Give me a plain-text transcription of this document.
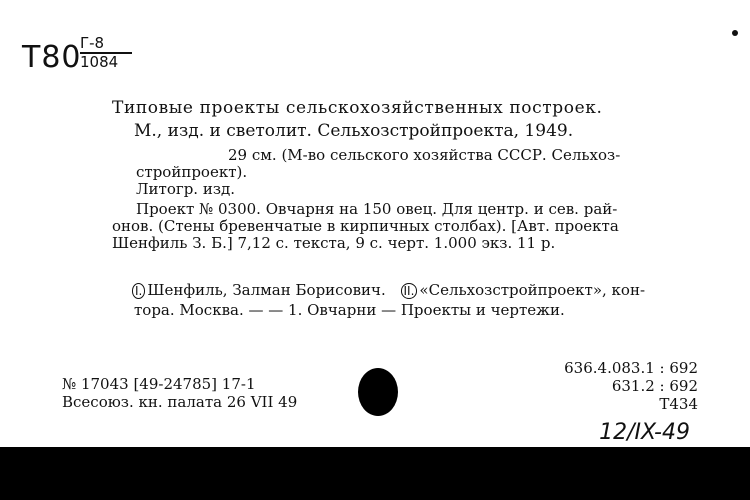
Т80
Г-8
1084
Типовые проекты сельскохозяйственных построек.
М., изд. и светолит. Сельхозстройпроекта, 1949.
29 см. (М-во сельского хозяйства СССР. Сельхоз-
стройпроект).
Литогр. изд.
Проект № 0300. Овчарня на 150 овец. Для центр. и сев. рай-
онов. (Стены бревенчатые в кирпичных столбах). [Авт. проекта
Шенфиль З. Б.] 7,12 с. текста, 9 с. черт. 1.000 экз. 11 р.
I. Шенфиль, Залман Борисович. II. «Сельхозстройпроект», кон-
тора. Москва. — — 1. Овчарни — Проекты и чертежи.
№ 17043 [49-24785] 17-1
Всесоюз. кн. палата 26 VII 49
636.4.083.1 : 692
631.2 : 692
Т434
12/IX-49
